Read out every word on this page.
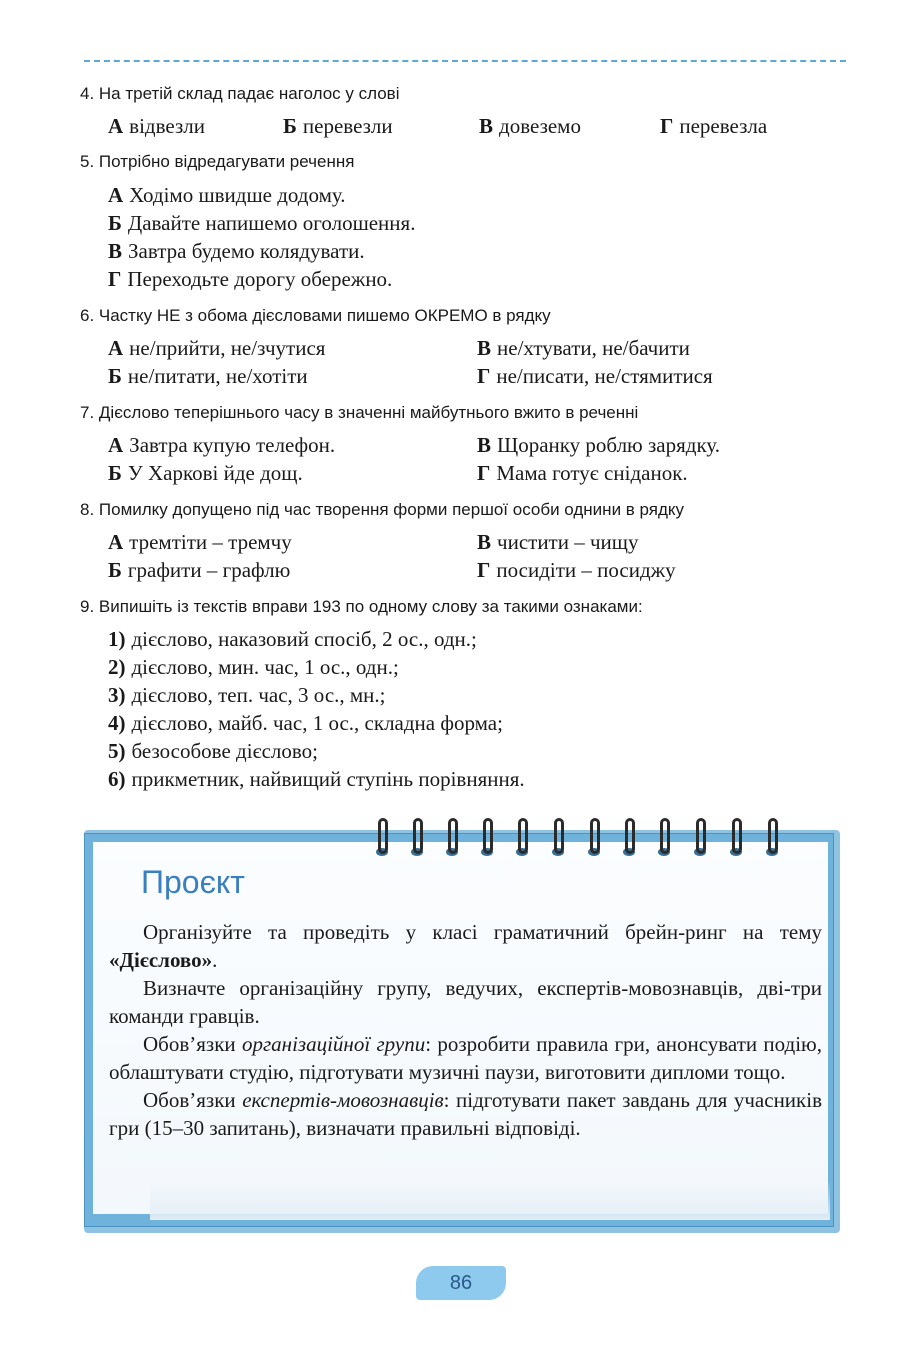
4. На третій склад падає наголос у слові
А відвезли	Б перевезли	В довеземо	Г перевезла
5. Потрібно відредагувати речення
А Ходімо швидше додому.
Б Давайте напишемо оголошення.
В Завтра будемо колядувати.
Г Переходьте дорогу обережно.
6. Частку НЕ з обома дієсловами пишемо ОКРЕМО в рядку
А не/прийти, не/зчутися
Б не/питати, не/хотіти
В не/хтувати, не/бачити
Г не/писати, не/стямитися
7. Дієслово теперішнього часу в значенні майбутнього вжито в реченні
А Завтра купую телефон.
Б У Харкові йде дощ.
В Щоранку роблю зарядку.
Г Мама готує сніданок.
8. Помилку допущено під час творення форми першої особи однини в рядку
А тремтіти – тремчу
Б графити – графлю
В чистити – чищу
Г посидіти – посиджу
9. Випишіть із текстів вправи 193 по одному слову за такими ознаками:
1) дієслово, наказовий спосіб, 2 ос., одн.;
2) дієслово, мин. час, 1 ос., одн.;
3) дієслово, теп. час, 3 ос., мн.;
4) дієслово, майб. час, 1 ос., складна форма;
5) безособове дієслово;
6) прикметник, найвищий ступінь порівняння.
Проєкт

Організуйте та проведіть у класі граматичний брейн-ринг на тему «Дієслово».

Визначте організаційну групу, ведучих, експертів-мовознавців, дві-три команди гравців.

Обов’язки організаційної групи: розробити правила гри, анонсувати подію, облаштувати студію, підготувати музичні паузи, виготовити дипломи тощо.

Обов’язки експертів-мовознавців: підготувати пакет завдань для учасників гри (15–30 запитань), визначати правильні відповіді.

86
